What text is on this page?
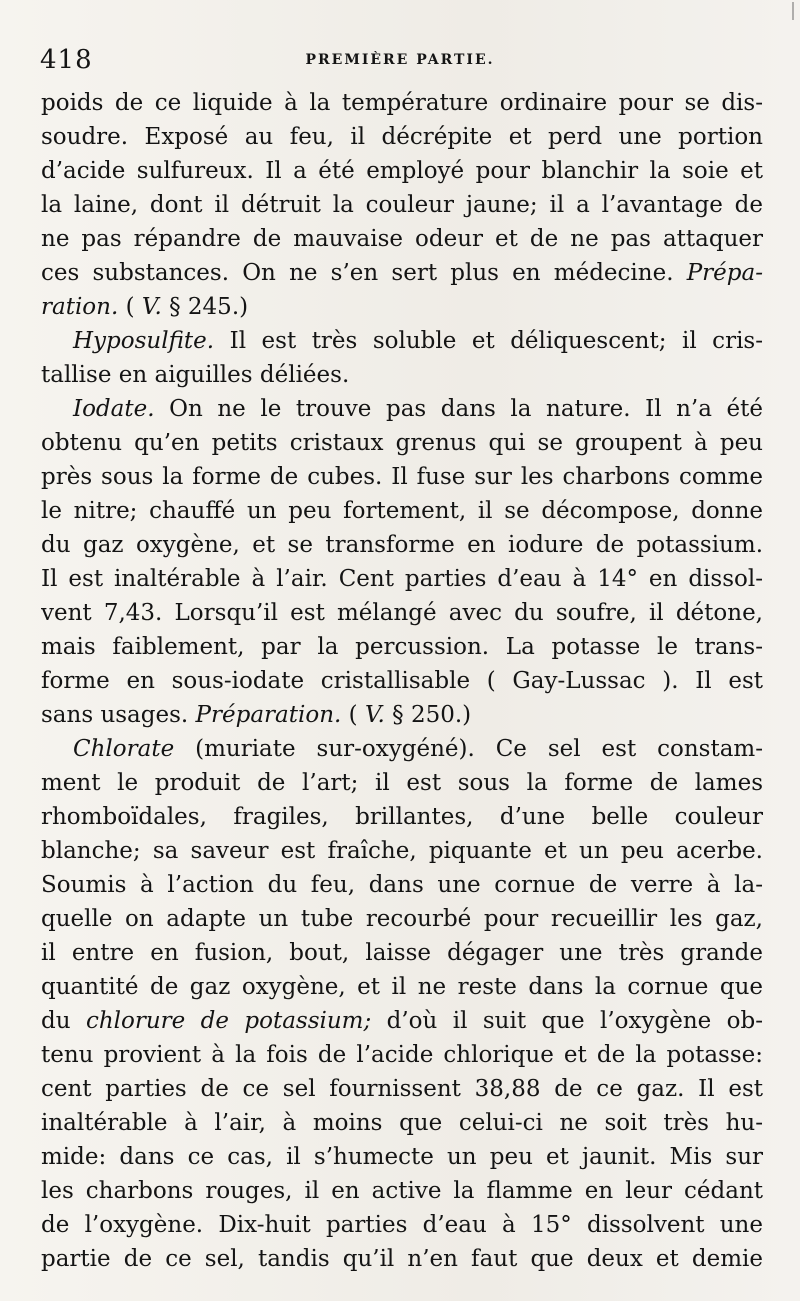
418	PREMIÈRE PARTIE.
poids de ce liquide à la température ordinaire pour se dis-
soudre. Exposé au feu, il décrépite et perd une portion
d’acide sulfureux. Il a été employé pour blanchir la soie et
la laine, dont il détruit la couleur jaune; il a l’avantage de
ne pas répandre de mauvaise odeur et de ne pas attaquer
ces substances. On ne s’en sert plus en médecine. Prépa-
ration. ( V. § 245.)
Hyposulfite. Il est très soluble et déliquescent; il cris-
tallise en aiguilles déliées.
Iodate. On ne le trouve pas dans la nature. Il n’a été
obtenu qu’en petits cristaux grenus qui se groupent à peu
près sous la forme de cubes. Il fuse sur les charbons comme
le nitre; chauffé un peu fortement, il se décompose, donne
du gaz oxygène, et se transforme en iodure de potassium.
Il est inaltérable à l’air. Cent parties d’eau à 14° en dissol-
vent 7,43. Lorsqu’il est mélangé avec du soufre, il détone,
mais faiblement, par la percussion. La potasse le trans-
forme en sous-iodate cristallisable ( Gay-Lussac ). Il est
sans usages. Préparation. ( V. § 250.)
Chlorate (muriate sur-oxygéné). Ce sel est constam-
ment le produit de l’art; il est sous la forme de lames
rhomboïdales, fragiles, brillantes, d’une belle couleur
blanche; sa saveur est fraîche, piquante et un peu acerbe.
Soumis à l’action du feu, dans une cornue de verre à la-
quelle on adapte un tube recourbé pour recueillir les gaz,
il entre en fusion, bout, laisse dégager une très grande
quantité de gaz oxygène, et il ne reste dans la cornue que
du chlorure de potassium; d’où il suit que l’oxygène ob-
tenu provient à la fois de l’acide chlorique et de la potasse:
cent parties de ce sel fournissent 38,88 de ce gaz. Il est
inaltérable à l’air, à moins que celui-ci ne soit très hu-
mide: dans ce cas, il s’humecte un peu et jaunit. Mis sur
les charbons rouges, il en active la flamme en leur cédant
de l’oxygène. Dix-huit parties d’eau à 15° dissolvent une
partie de ce sel, tandis qu’il n’en faut que deux et demie
